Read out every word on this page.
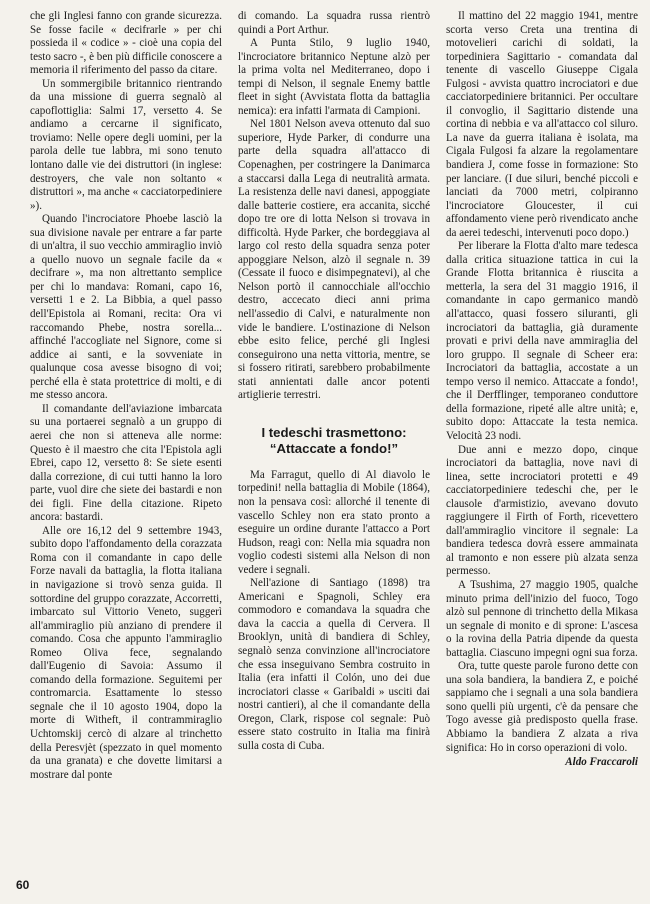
che gli Inglesi fanno con grande sicurezza. Se fosse facile « decifrarle » per chi possieda il « codice » - cioè una copia del testo sacro -, è ben più difficile conoscere a memoria il riferimento del passo da citare.

Un sommergibile britannico rientrando da una missione di guerra segnalò al capoflottiglia: Salmi 17, versetto 4. Se andiamo a cercarne il significato, troviamo: Nelle opere degli uomini, per la parola delle tue labbra, mi sono tenuto lontano dalle vie dei distruttori (in inglese: destroyers, che vale non soltanto « distruttori », ma anche « cacciatorpediniere »).

Quando l'incrociatore Phoebe lasciò la sua divisione navale per entrare a far parte di un'altra, il suo vecchio ammiraglio inviò a quello nuovo un segnale facile da « decifrare », ma non altrettanto semplice per chi lo mandava: Romani, capo 16, versetti 1 e 2. La Bibbia, a quel passo dell'Epistola ai Romani, recita: Ora vi raccomando Phebe, nostra sorella... affinché l'accogliate nel Signore, come si addice ai santi, e la sovveniate in qualunque cosa avesse bisogno di voi; perché ella è stata protettrice di molti, e di me stesso ancora.

Il comandante dell'aviazione imbarcata su una portaerei segnalò a un gruppo di aerei che non si atteneva alle norme: Questo è il maestro che cita l'Epistola agli Ebrei, capo 12, versetto 8: Se siete esenti dalla correzione, di cui tutti hanno la loro parte, vuol dire che siete dei bastardi e non dei figli. Fine della citazione. Ripeto ancora: bastardi.

Alle ore 16,12 del 9 settembre 1943, subito dopo l'affondamento della corazzata Roma con il comandante in capo delle Forze navali da battaglia, la flotta italiana in navigazione si trovò senza guida. Il sottordine del gruppo corazzate, Accorretti, imbarcato sul Vittorio Veneto, suggerì all'ammiraglio più anziano di prendere il comando. Cosa che appunto l'ammiraglio Romeo Oliva fece, segnalando dall'Eugenio di Savoia: Assumo il comando della formazione. Seguitemi per contromarcia. Esattamente lo stesso segnale che il 10 agosto 1904, dopo la morte di Witheft, il contrammiraglio Uchtomskij cercò di alzare al trinchetto della Peresvjèt (spezzato in quel momento da una granata) e che dovette limitarsi a mostrare dal ponte

di comando. La squadra russa rientrò quindi a Port Arthur.

A Punta Stilo, 9 luglio 1940, l'incrociatore britannico Neptune alzò per la prima volta nel Mediterraneo, dopo i tempi di Nelson, il segnale Enemy battle fleet in sight (Avvistata flotta da battaglia nemica): era infatti l'armata di Campioni.

Nel 1801 Nelson aveva ottenuto dal suo superiore, Hyde Parker, di condurre una parte della squadra all'attacco di Copenaghen, per costringere la Danimarca a staccarsi dalla Lega di neutralità armata. La resistenza delle navi danesi, appoggiate dalle batterie costiere, era accanita, sicché dopo tre ore di lotta Nelson si trovava in difficoltà. Hyde Parker, che bordeggiava al largo col resto della squadra senza poter appoggiare Nelson, alzò il segnale n. 39 (Cessate il fuoco e disimpegnatevi), al che Nelson portò il cannocchiale all'occhio destro, accecato dieci anni prima nell'assedio di Calvi, e naturalmente non vide le bandiere. L'ostinazione di Nelson ebbe esito felice, perché gli Inglesi conseguirono una netta vittoria, mentre, se si fossero ritirati, sarebbero probabilmente stati annientati dalle ancor potenti artiglierie terrestri.

I tedeschi trasmettono:
“Attaccate a fondo!”

Ma Farragut, quello di Al diavolo le torpedini! nella battaglia di Mobile (1864), non la pensava così: allorché il tenente di vascello Schley non era stato pronto a eseguire un ordine durante l'attacco a Port Hudson, reagì con: Nella mia squadra non voglio codesti sistemi alla Nelson di non vedere i segnali.

Nell'azione di Santiago (1898) tra Americani e Spagnoli, Schley era commodoro e comandava la squadra che dava la caccia a quella di Cervera. Il Brooklyn, unità di bandiera di Schley, segnalò senza convinzione all'incrociatore che essa inseguivano Sembra costruito in Italia (era infatti il Colón, uno dei due incrociatori classe « Garibaldi » usciti dai nostri cantieri), al che il comandante della Oregon, Clark, rispose col segnale: Può essere stato costruito in Italia ma finirà sulla costa di Cuba.

Il mattino del 22 maggio 1941, mentre scorta verso Creta una trentina di motovelieri carichi di soldati, la torpediniera Sagittario - comandata dal tenente di vascello Giuseppe Cigala Fulgosi - avvista quattro incrociatori e due cacciatorpediniere britannici. Per occultare il convoglio, il Sagittario distende una cortina di nebbia e va all'attacco col siluro. La nave da guerra italiana è isolata, ma Cigala Fulgosi fa alzare la regolamentare bandiera J, come fosse in formazione: Sto per lanciare. (I due siluri, benché piccoli e lanciati da 7000 metri, colpiranno l'incrociatore Gloucester, il cui affondamento viene però rivendicato anche da aerei tedeschi, intervenuti poco dopo.)

Per liberare la Flotta d'alto mare tedesca dalla critica situazione tattica in cui la Grande Flotta britannica è riuscita a metterla, la sera del 31 maggio 1916, il comandante in capo germanico mandò all'attacco, quasi fossero siluranti, gli incrociatori da battaglia, già duramente provati e privi della nave ammiraglia del loro gruppo. Il segnale di Scheer era: Incrociatori da battaglia, accostate a un tempo verso il nemico. Attaccate a fondo!, che il Derfflinger, temporaneo conduttore della formazione, ripeté alle altre unità; e, subito dopo: Attaccate la testa nemica. Velocità 23 nodi.

Due anni e mezzo dopo, cinque incrociatori da battaglia, nove navi di linea, sette incrociatori protetti e 49 cacciatorpediniere tedeschi che, per le clausole d'armistizio, avevano dovuto raggiungere il Firth of Forth, ricevettero dall'ammiraglio vincitore il segnale: La bandiera tedesca dovrà essere ammainata al tramonto e non essere più alzata senza permesso.

A Tsushima, 27 maggio 1905, qualche minuto prima dell'inizio del fuoco, Togo alzò sul pennone di trinchetto della Mikasa un segnale di monito e di sprone: L'ascesa o la rovina della Patria dipende da questa battaglia. Ciascuno impegni ogni sua forza.

Ora, tutte queste parole furono dette con una sola bandiera, la bandiera Z, e poiché sappiamo che i segnali a una sola bandiera sono quelli più urgenti, c'è da pensare che Togo avesse già predisposto quella frase. Abbiamo la bandiera Z alzata a riva significa: Ho in corso operazioni di volo.

Aldo Fraccaroli
60
